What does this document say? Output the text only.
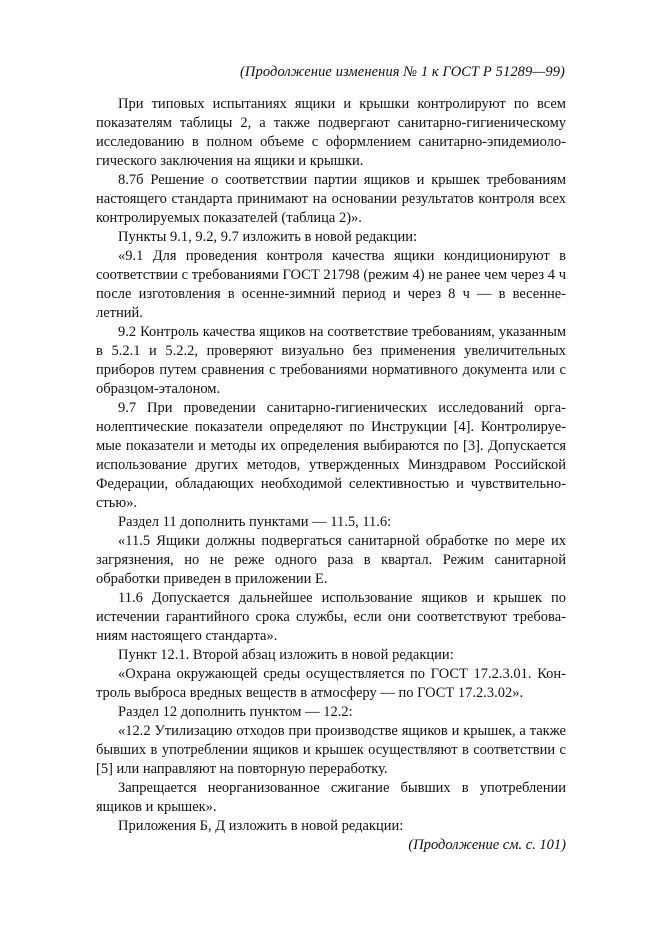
(Продолжение изменения № 1 к ГОСТ Р 51289—99)

При типовых испытаниях ящики и крышки контролируют по всем показателям таблицы 2, а также подвергают санитарно-гигиеническому исследованию в полном объеме с оформлением санитарно-эпидемиологического заключения на ящики и крышки.

8.7б Решение о соответствии партии ящиков и крышек требованиям настоящего стандарта принимают на основании результатов контроля всех контролируемых показателей (таблица 2)».

Пункты 9.1, 9.2, 9.7 изложить в новой редакции:

«9.1 Для проведения контроля качества ящики кондиционируют в соответствии с требованиями ГОСТ 21798 (режим 4) не ранее чем через 4 ч после изготовления в осенне-зимний период и через 8 ч — в весенне-летний.

9.2 Контроль качества ящиков на соответствие требованиям, указанным в 5.2.1 и 5.2.2, проверяют визуально без применения увеличительных приборов путем сравнения с требованиями нормативного документа или с образцом-эталоном.

9.7 При проведении санитарно-гигиенических исследований органолептические показатели определяют по Инструкции [4]. Контролируемые показатели и методы их определения выбираются по [3]. Допускается использование других методов, утвержденных Минздравом Российской Федерации, обладающих необходимой селективностью и чувствительностью».

Раздел 11 дополнить пунктами — 11.5, 11.6:

«11.5 Ящики должны подвергаться санитарной обработке по мере их загрязнения, но не реже одного раза в квартал. Режим санитарной обработки приведен в приложении Е.

11.6 Допускается дальнейшее использование ящиков и крышек по истечении гарантийного срока службы, если они соответствуют требованиям настоящего стандарта».

Пункт 12.1. Второй абзац изложить в новой редакции:

«Охрана окружающей среды осуществляется по ГОСТ 17.2.3.01. Контроль выброса вредных веществ в атмосферу — по ГОСТ 17.2.3.02».

Раздел 12 дополнить пунктом — 12.2:

«12.2 Утилизацию отходов при производстве ящиков и крышек, а также бывших в употреблении ящиков и крышек осуществляют в соответствии с [5] или направляют на повторную переработку.

Запрещается неорганизованное сжигание бывших в употреблении ящиков и крышек».

Приложения Б, Д изложить в новой редакции:

(Продолжение см. с. 101)
